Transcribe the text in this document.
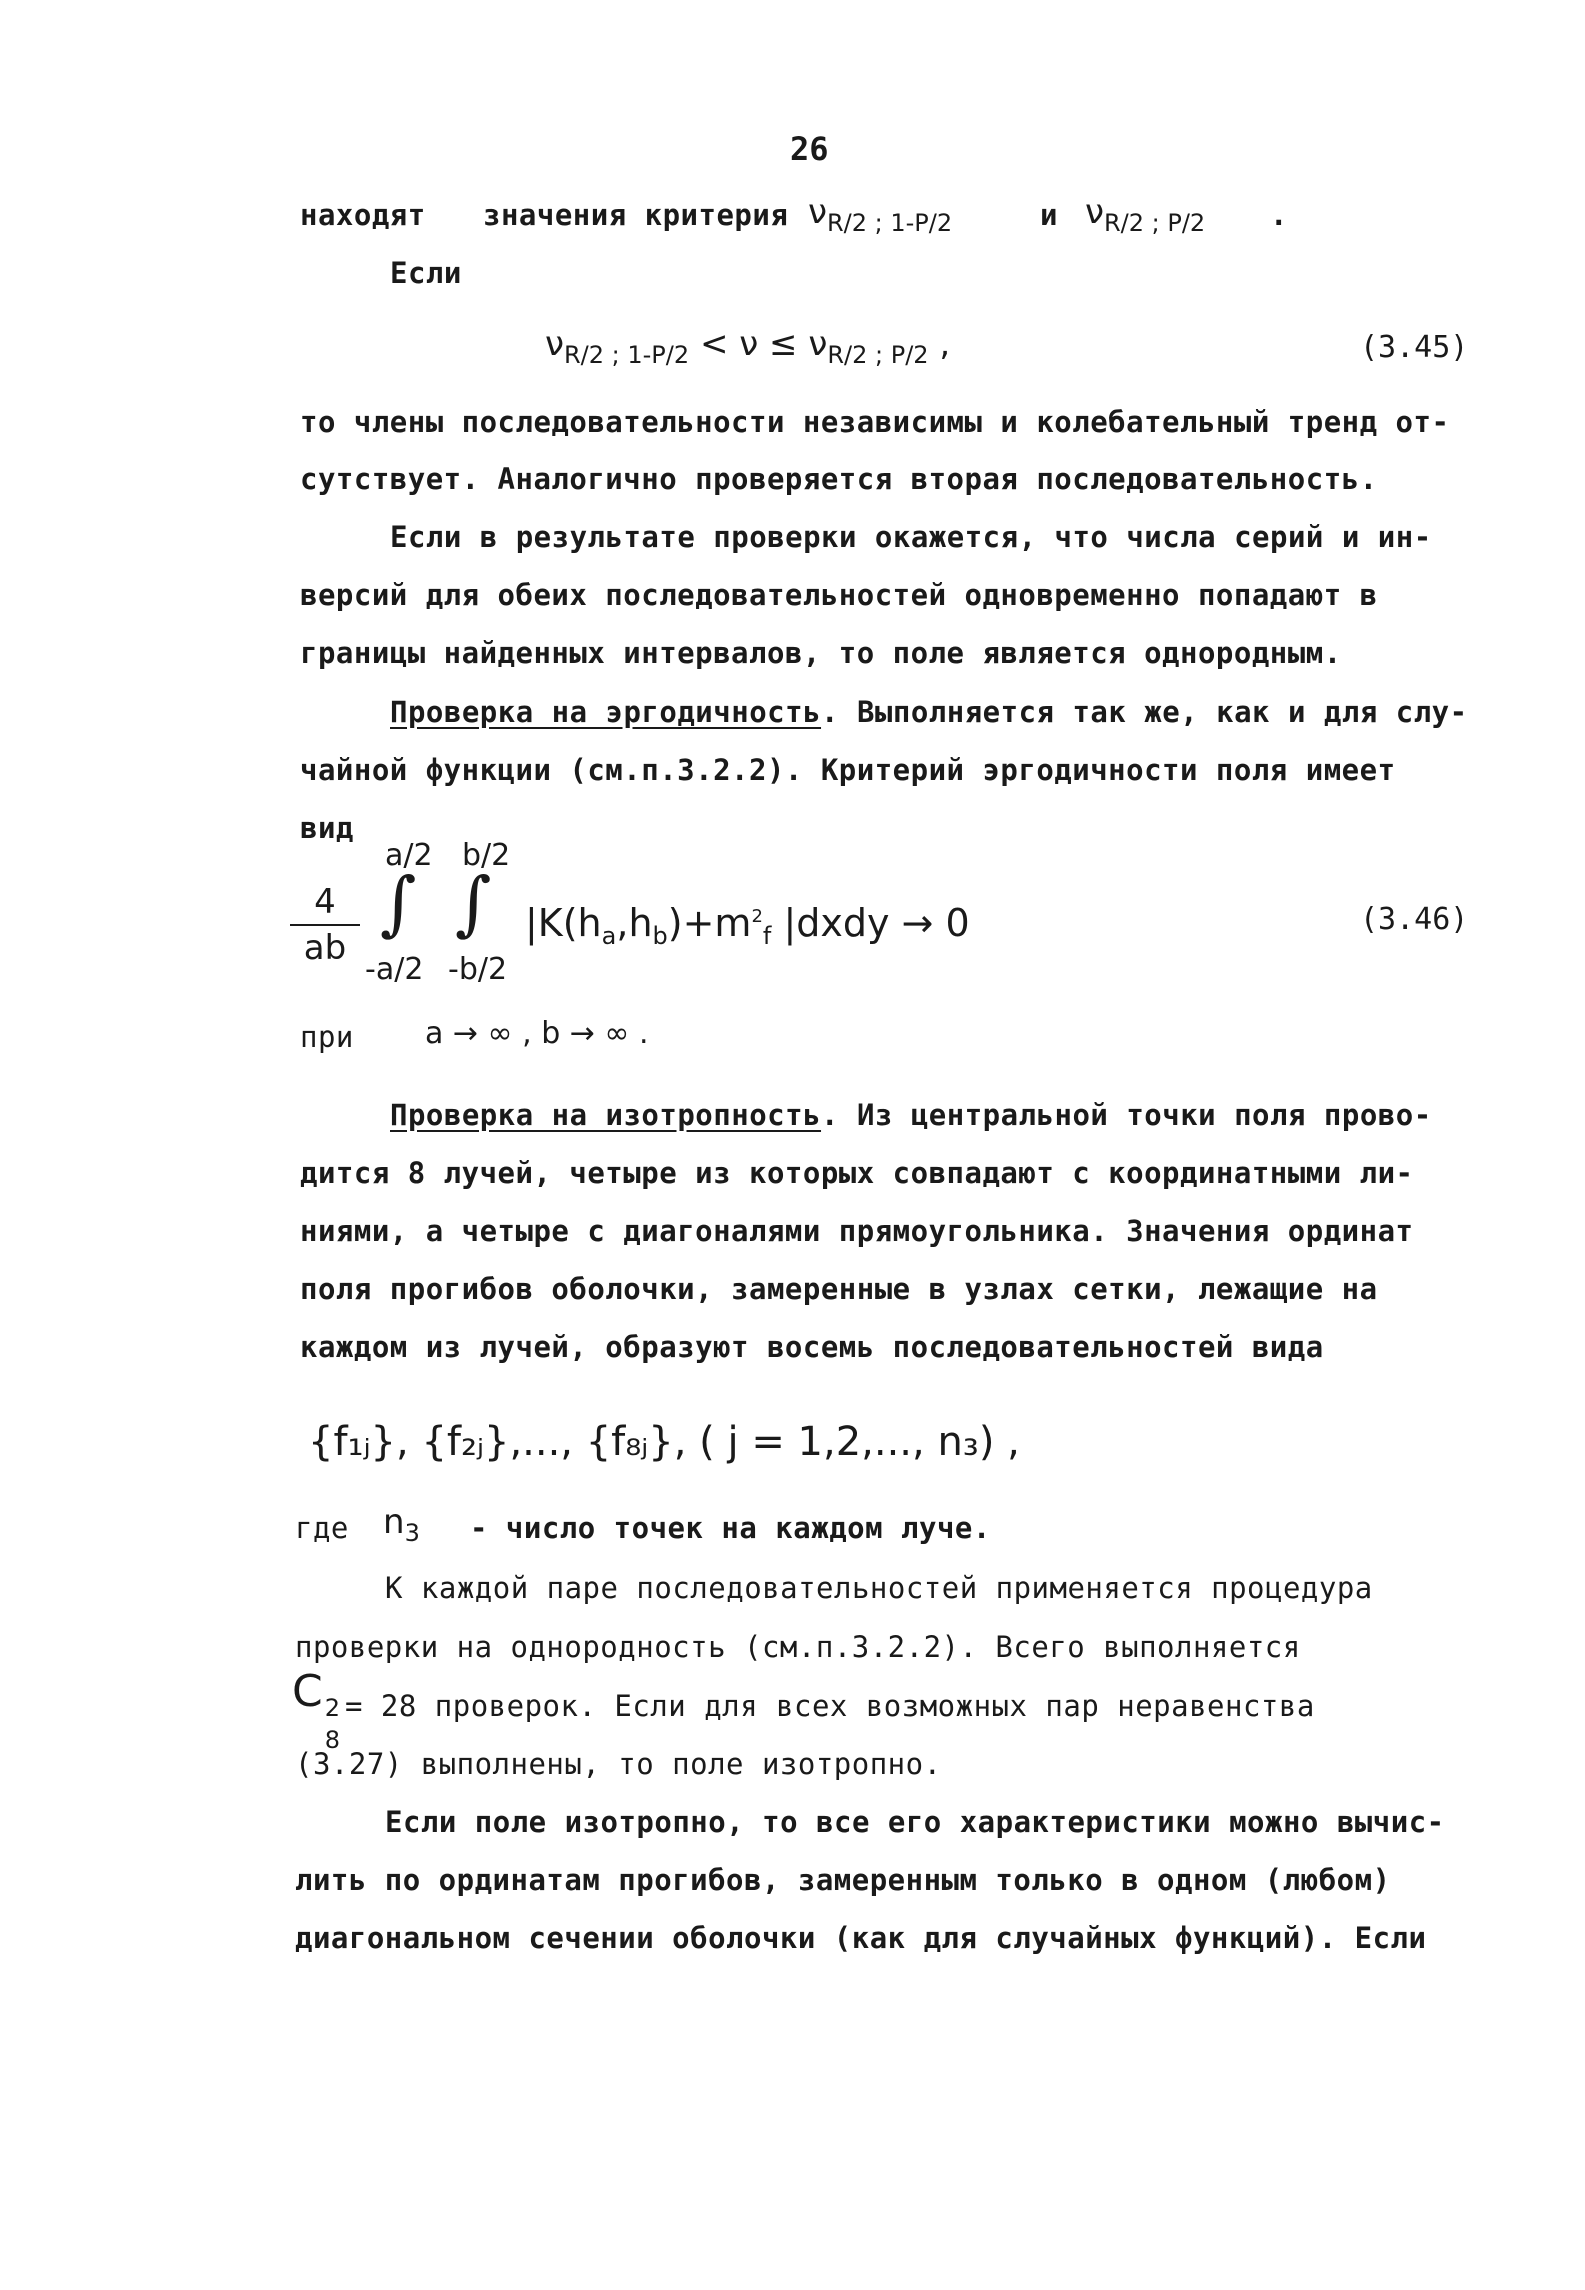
26
находят значения критерия $\nu_{R/2 ; 1-P/2}$	и $\nu_{R/2 ; P/2}$ .
Если
$\nu_{R/2 ; 1-P/2} < \nu \le \nu_{R/2 ; P/2}$ ,	(3.45)
то члены последовательности независимы и колебательный тренд от-
сутствует. Аналогично проверяется вторая последовательность.
Если в результате проверки окажется, что числа серий и ин-
версий для обеих последовательностей одновременно попадают в
границы найденных интервалов, то поле является однородным.
Проверка на эргодичность. Выполняется так же, как и для слу-
чайной функции (см.п.3.2.2). Критерий эргодичности поля имеет
вид
4
ab
a/2
∫
-a/2
b/2
∫
-b/2
$|K(h_a,h_b)+m^2_f$ |dxdy → 0	(3.46)
при a → ∞ , b → ∞ .
Проверка на изотропность. Из центральной точки поля прово-
дится 8 лучей, четыре из которых совпадают с координатными ли-
ниями, а четыре с диагоналями прямоугольника. Значения ординат
поля прогибов оболочки, замеренные в узлах сетки, лежащие на
каждом из лучей, образуют восемь последовательностей вида
{f₁ⱼ}, {f₂ⱼ},..., {f₈ⱼ}, ( j = 1,2,..., n₃) ,
где $n_3$ - число точек на каждом луче.
К каждой паре последовательностей применяется процедура
проверки на однородность (см.п.3.2.2). Всего выполняется
C 2
8
= 28 проверок. Если для всех возможных пар неравенства
(3.27) выполнены, то поле изотропно.
Если поле изотропно, то все его характеристики можно вычис-
лить по ординатам прогибов, замеренным только в одном (любом)
диагональном сечении оболочки (как для случайных функций). Если
